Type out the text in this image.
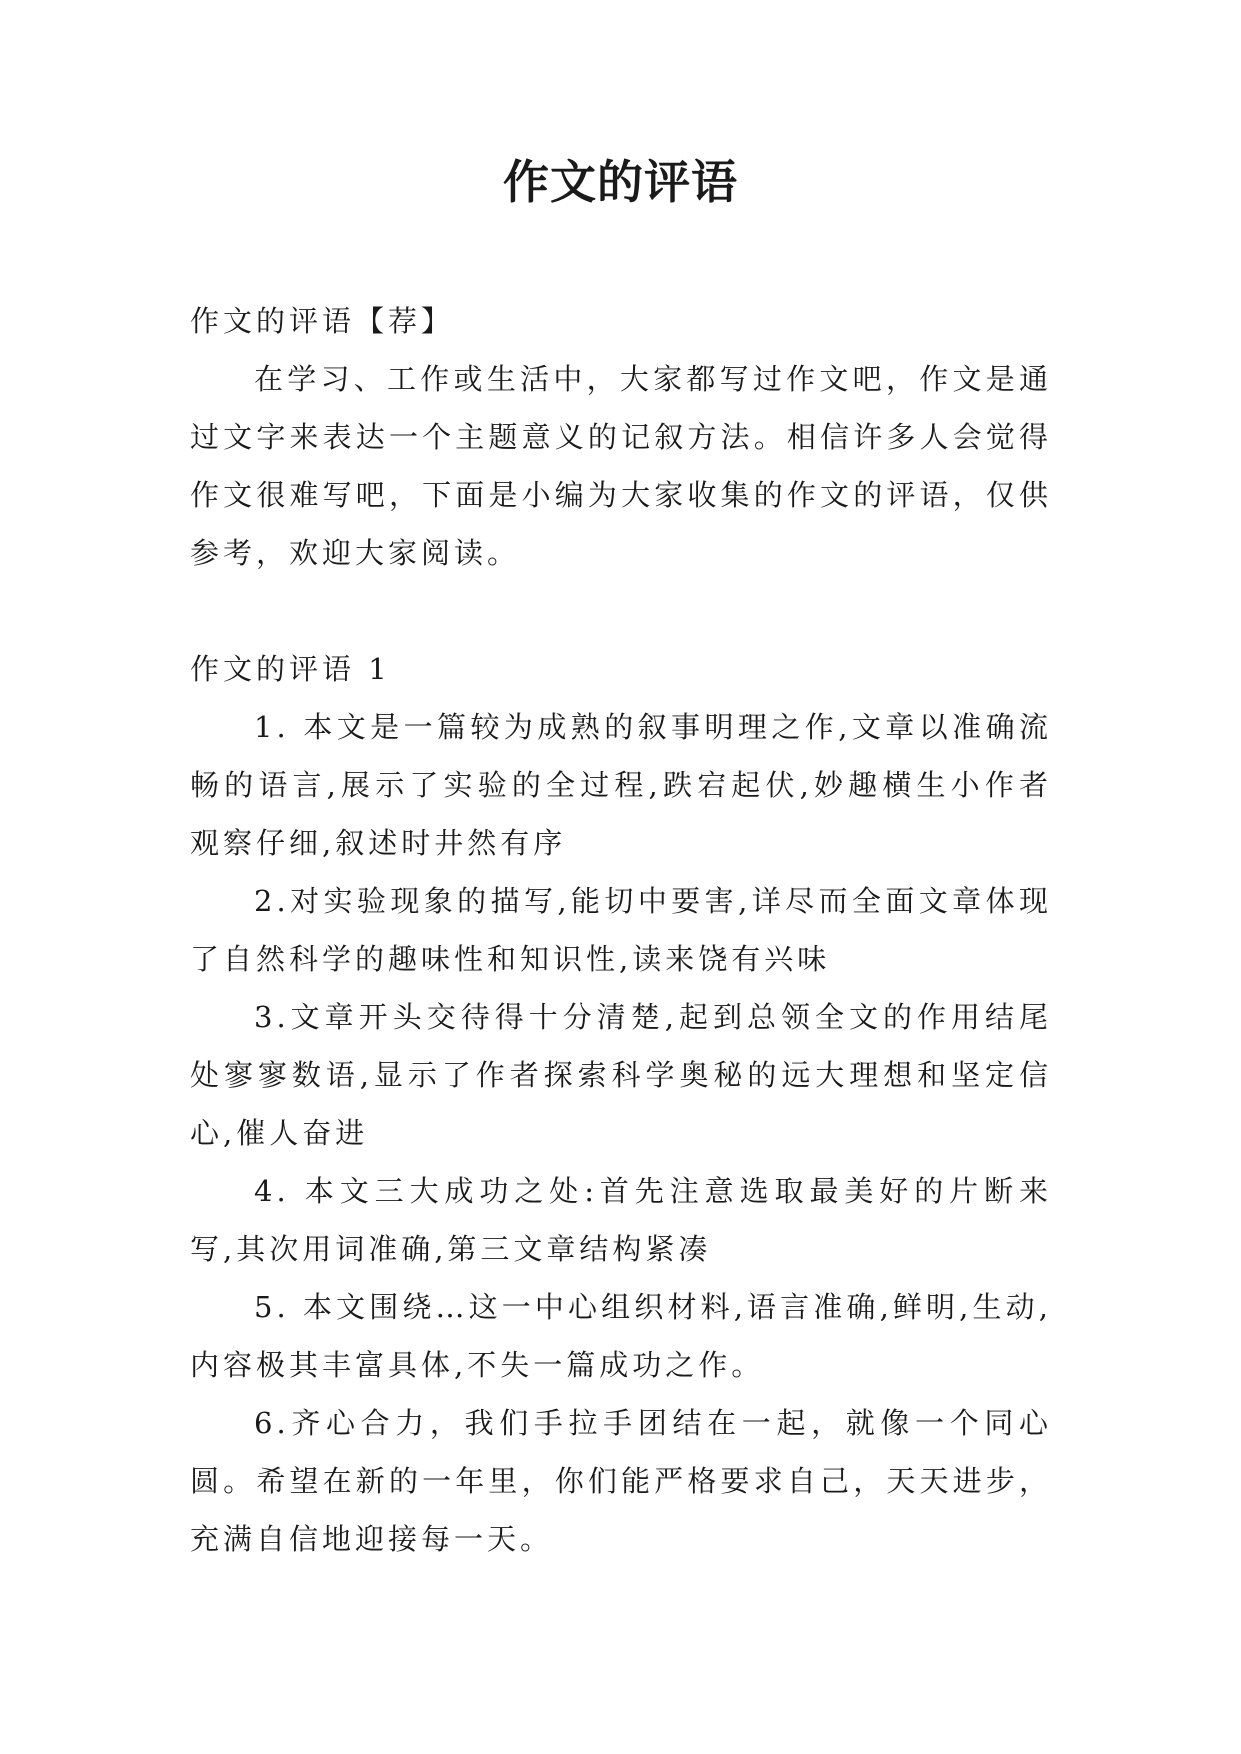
作文的评语

作文的评语【荐】

在学习、工作或生活中，大家都写过作文吧，作文是通过文字来表达一个主题意义的记叙方法。相信许多人会觉得作文很难写吧，下面是小编为大家收集的作文的评语，仅供参考，欢迎大家阅读。

作文的评语 1

1. 本文是一篇较为成熟的叙事明理之作,文章以准确流畅的语言,展示了实验的全过程,跌宕起伏,妙趣横生小作者观察仔细,叙述时井然有序

2.对实验现象的描写,能切中要害,详尽而全面文章体现了自然科学的趣味性和知识性,读来饶有兴味

3.文章开头交待得十分清楚,起到总领全文的作用结尾处寥寥数语,显示了作者探索科学奥秘的远大理想和坚定信心,催人奋进

4. 本文三大成功之处:首先注意选取最美好的片断来写,其次用词准确,第三文章结构紧凑

5. 本文围绕…这一中心组织材料,语言准确,鲜明,生动,内容极其丰富具体,不失一篇成功之作。

6.齐心合力，我们手拉手团结在一起，就像一个同心圆。希望在新的一年里，你们能严格要求自己，天天进步，充满自信地迎接每一天。
